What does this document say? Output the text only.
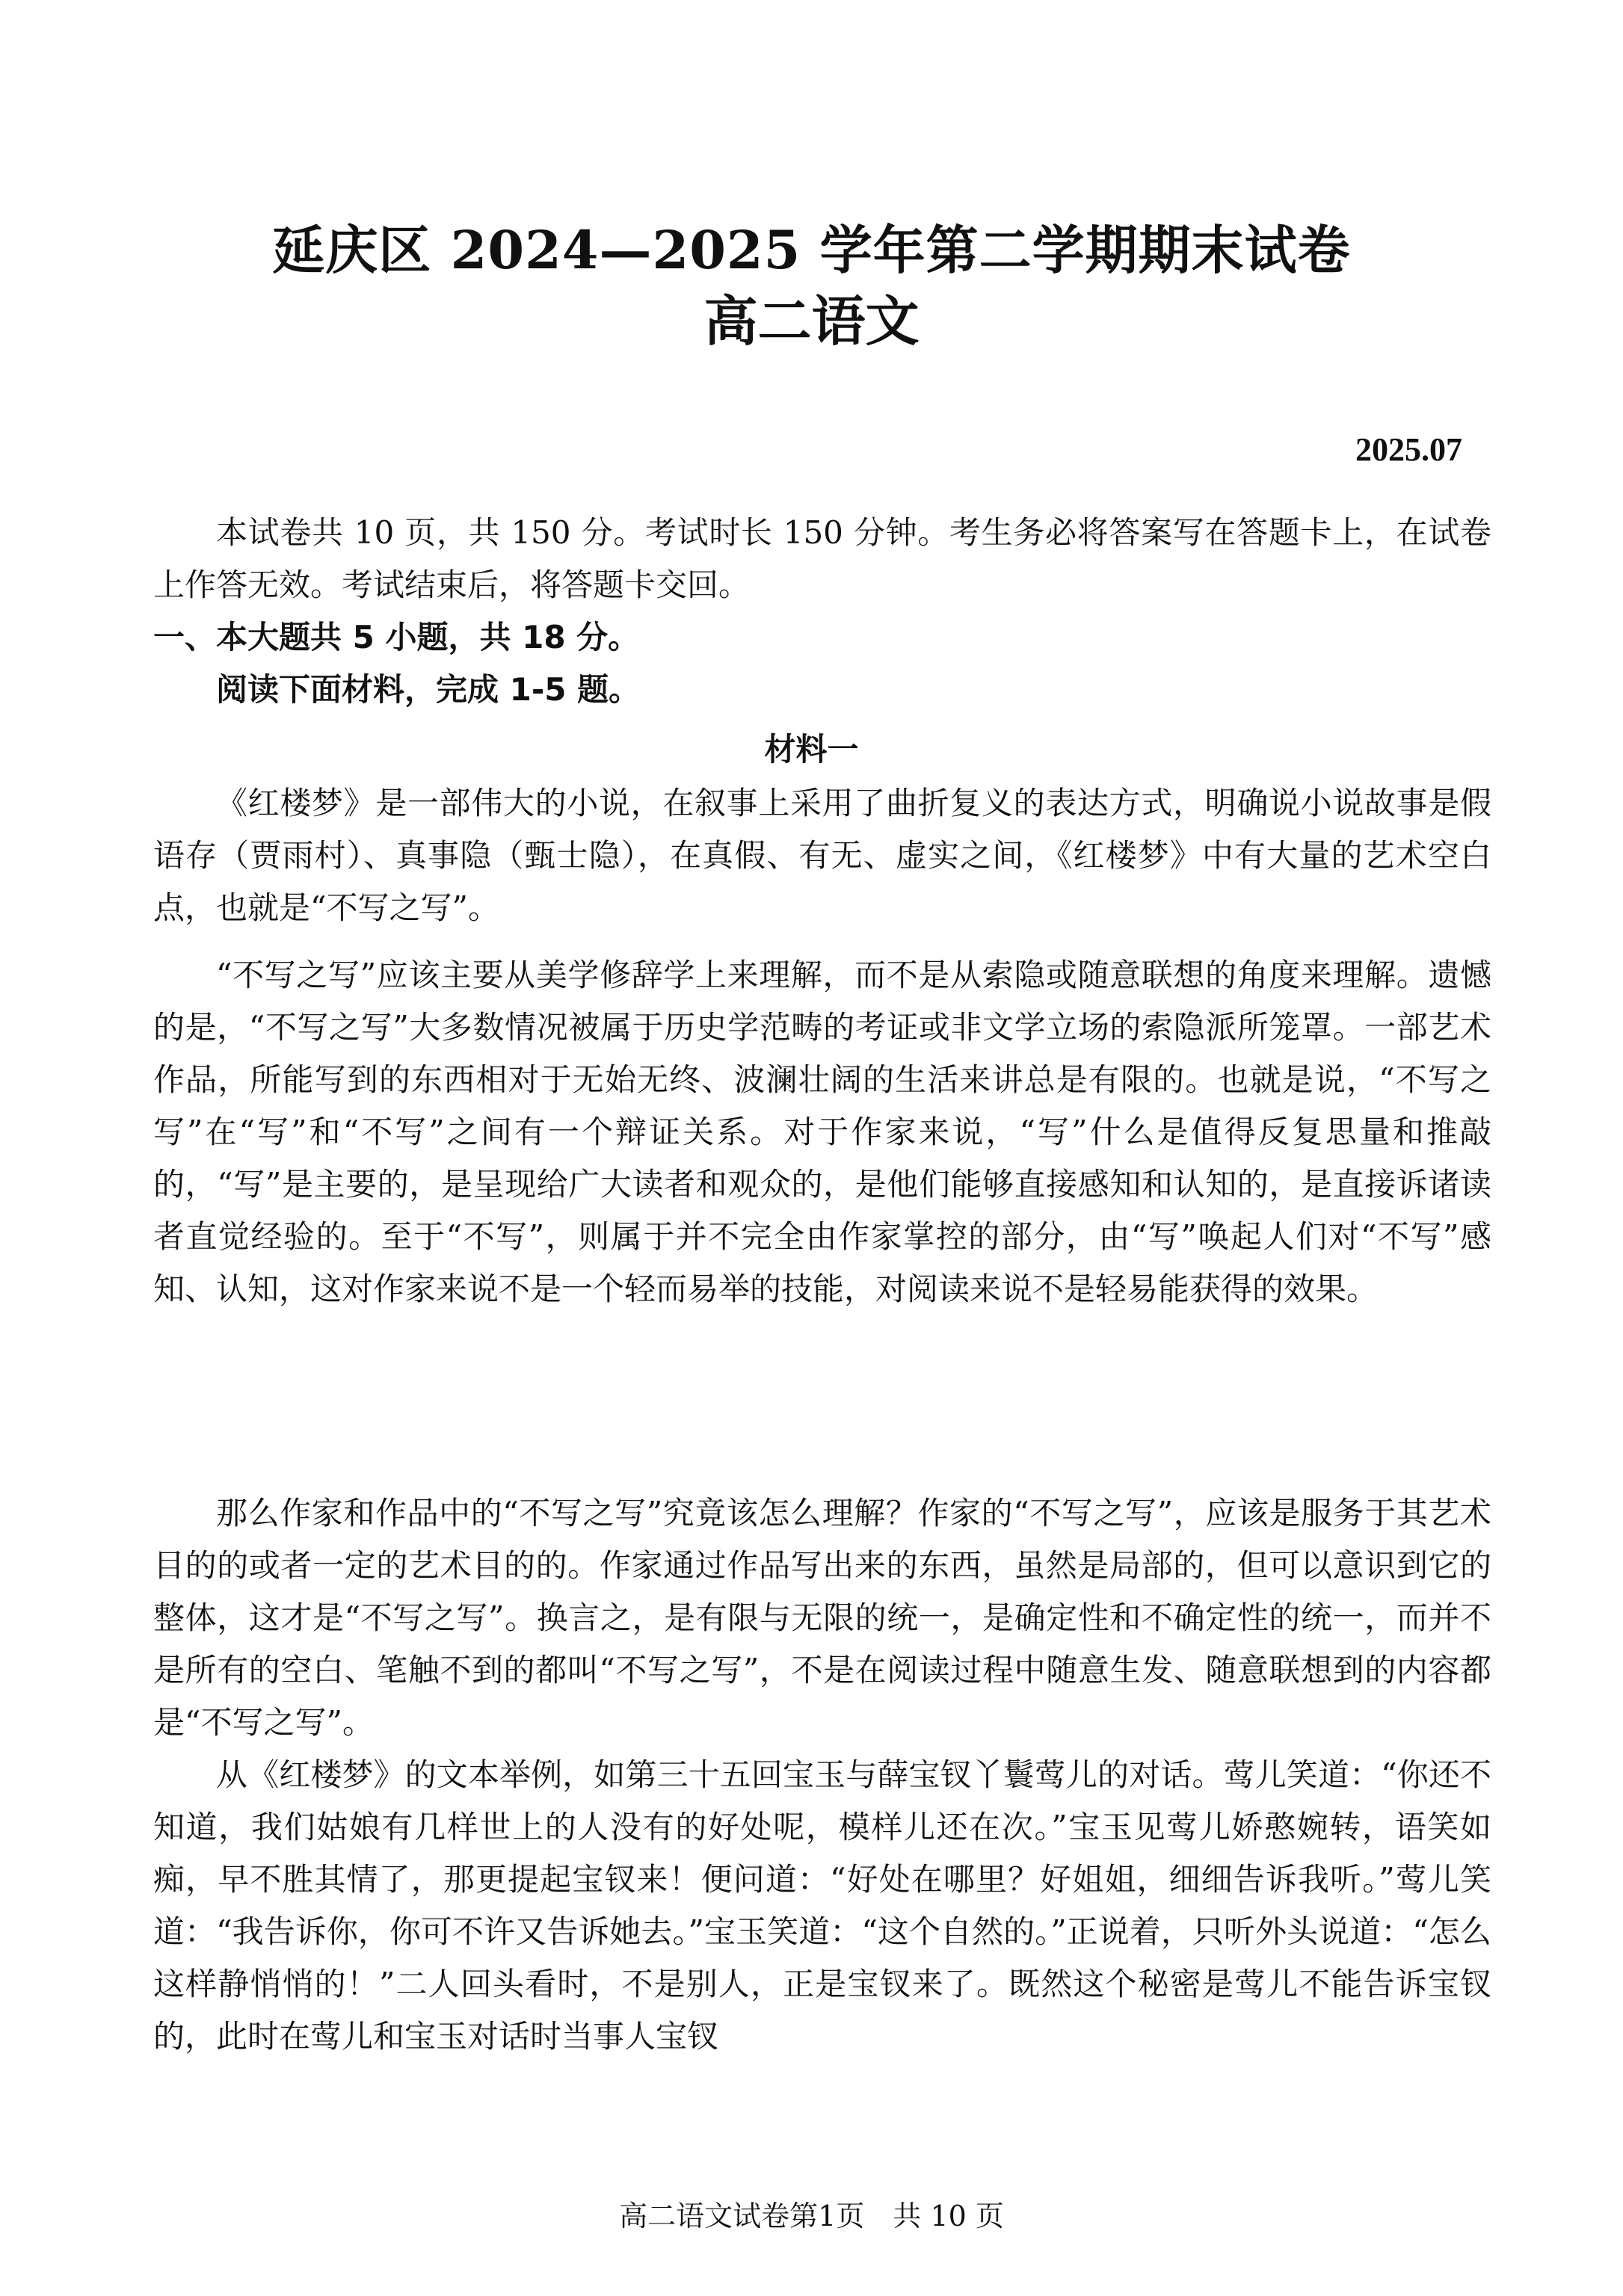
延庆区 2024—2025 学年第二学期期末试卷
高二语文
2025.07

本试卷共 10 页，共 150 分。考试时长 150 分钟。考生务必将答案写在答题卡上，在试卷上作答无效。考试结束后，将答题卡交回。

一、本大题共 5 小题，共 18 分。

阅读下面材料，完成 1-5 题。

材料一

《红楼梦》是一部伟大的小说，在叙事上采用了曲折复义的表达方式，明确说小说故事是假语存（贾雨村）、真事隐（甄士隐），在真假、有无、虚实之间，《红楼梦》中有大量的艺术空白点，也就是“不写之写”。

“不写之写”应该主要从美学修辞学上来理解，而不是从索隐或随意联想的角度来理解。遗憾的是，“不写之写”大多数情况被属于历史学范畴的考证或非文学立场的索隐派所笼罩。一部艺术作品，所能写到的东西相对于无始无终、波澜壮阔的生活来讲总是有限的。也就是说，“不写之写”在“写”和“不写”之间有一个辩证关系。对于作家来说，“写”什么是值得反复思量和推敲的，“写”是主要的，是呈现给广大读者和观众的，是他们能够直接感知和认知的，是直接诉诸读者直觉经验的。至于“不写”，则属于并不完全由作家掌控的部分，由“写”唤起人们对“不写”感知、认知，这对作家来说不是一个轻而易举的技能，对阅读来说不是轻易能获得的效果。

那么作家和作品中的“不写之写”究竟该怎么理解？作家的“不写之写”，应该是服务于其艺术目的的或者一定的艺术目的的。作家通过作品写出来的东西，虽然是局部的，但可以意识到它的整体，这才是“不写之写”。换言之，是有限与无限的统一，是确定性和不确定性的统一，而并不是所有的空白、笔触不到的都叫“不写之写”，不是在阅读过程中随意生发、随意联想到的内容都是“不写之写”。

从《红楼梦》的文本举例，如第三十五回宝玉与薛宝钗丫鬟莺儿的对话。莺儿笑道：“你还不知道，我们姑娘有几样世上的人没有的好处呢，模样儿还在次。”宝玉见莺儿娇憨婉转，语笑如痴，早不胜其情了，那更提起宝钗来！便问道：“好处在哪里？好姐姐，细细告诉我听。”莺儿笑道：“我告诉你，你可不许又告诉她去。”宝玉笑道：“这个自然的。”正说着，只听外头说道：“怎么这样静悄悄的！”二人回头看时，不是别人，正是宝钗来了。既然这个秘密是莺儿不能告诉宝钗的，此时在莺儿和宝玉对话时当事人宝钗

高二语文试卷第1页　共 10 页
